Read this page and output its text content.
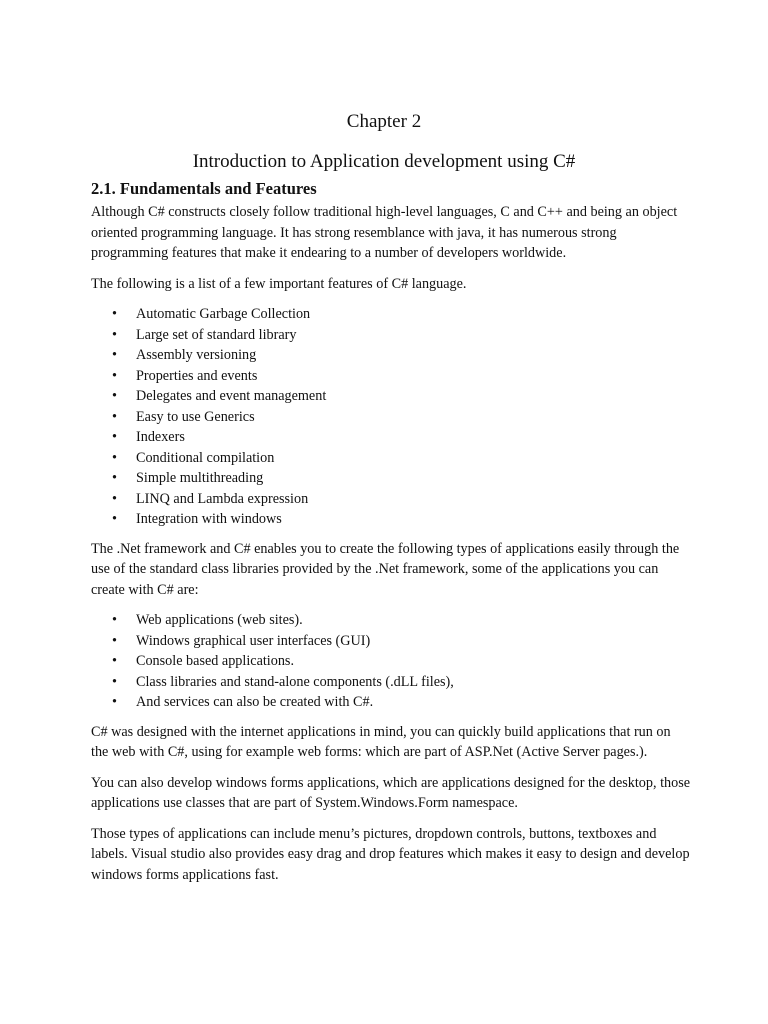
Chapter 2
Introduction to Application development using C#
2.1. Fundamentals and Features

Although C# constructs closely follow traditional high-level languages, C and C++ and being an object oriented programming language. It has strong resemblance with java, it has numerous strong programming features that make it endearing to a number of developers worldwide.

The following is a list of a few important features of C# language.

• Automatic Garbage Collection
• Large set of standard library
• Assembly versioning
• Properties and events
• Delegates and event management
• Easy to use Generics
• Indexers
• Conditional compilation
• Simple multithreading
• LINQ and Lambda expression
• Integration with windows

The .Net framework and C# enables you to create the following types of applications easily through the use of the standard class libraries provided by the .Net framework, some of the applications you can create with C# are:

• Web applications (web sites).
• Windows graphical user interfaces (GUI)
• Console based applications.
• Class libraries and stand-alone components (.dLL files),
• And services can also be created with C#.

C# was designed with the internet applications in mind, you can quickly build applications that run on the web with C#, using for example web forms: which are part of ASP.Net (Active Server pages.).

You can also develop windows forms applications, which are applications designed for the desktop, those applications use classes that are part of System.Windows.Form namespace.

Those types of applications can include menu’s pictures, dropdown controls, buttons, textboxes and labels. Visual studio also provides easy drag and drop features which makes it easy to design and develop windows forms applications fast.
